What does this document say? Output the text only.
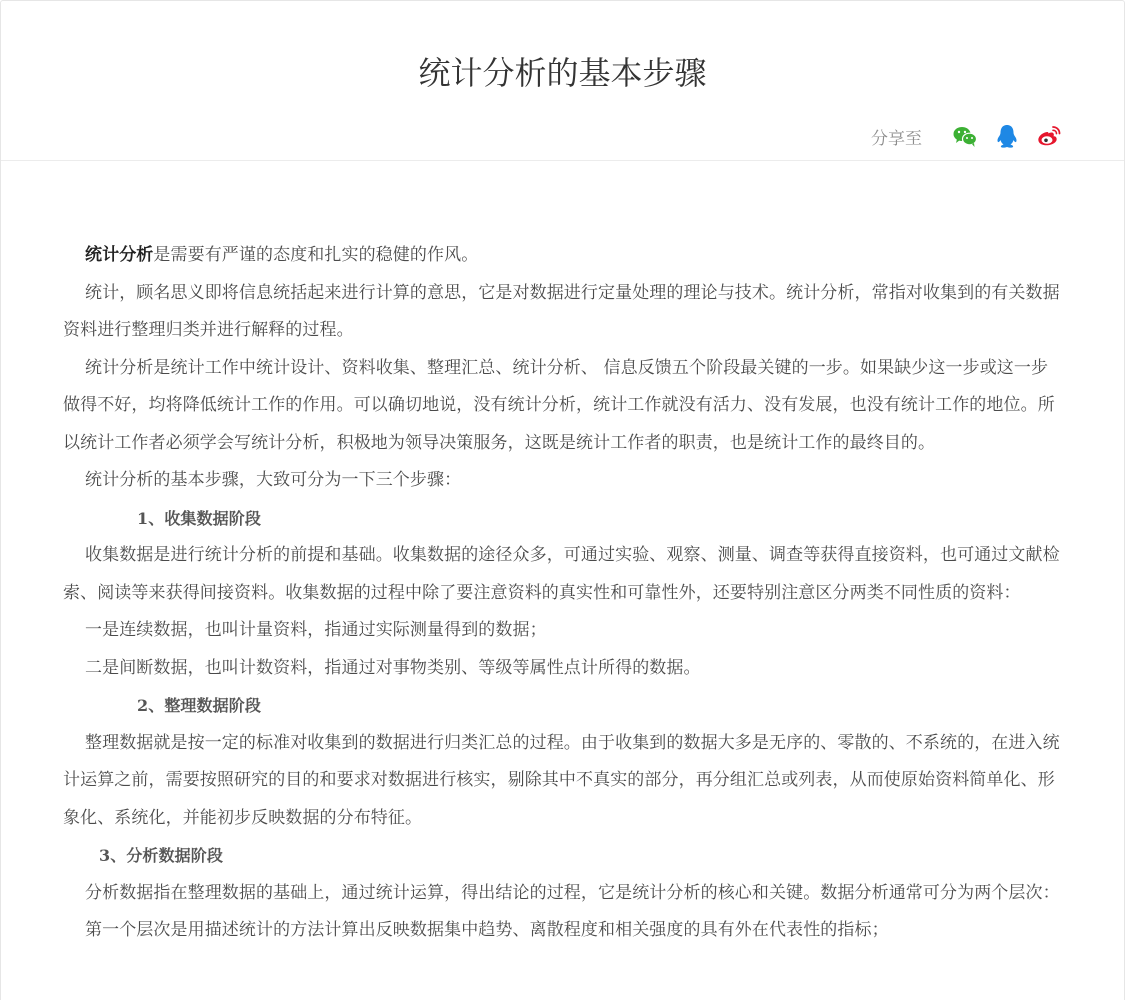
统计分析的基本步骤
分享至

统计分析是需要有严谨的态度和扎实的稳健的作风。

统计，顾名思义即将信息统括起来进行计算的意思，它是对数据进行定量处理的理论与技术。统计分析，常指对收集到的有关数据资料进行整理归类并进行解释的过程。

统计分析是统计工作中统计设计、资料收集、整理汇总、统计分析、 信息反馈五个阶段最关键的一步。如果缺少这一步或这一步做得不好，均将降低统计工作的作用。可以确切地说，没有统计分析，统计工作就没有活力、没有发展，也没有统计工作的地位。所以统计工作者必须学会写统计分析，积极地为领导决策服务，这既是统计工作者的职责，也是统计工作的最终目的。

统计分析的基本步骤，大致可分为一下三个步骤：

1、收集数据阶段

收集数据是进行统计分析的前提和基础。收集数据的途径众多，可通过实验、观察、测量、调查等获得直接资料，也可通过文献检索、阅读等来获得间接资料。收集数据的过程中除了要注意资料的真实性和可靠性外，还要特别注意区分两类不同性质的资料：

一是连续数据，也叫计量资料，指通过实际测量得到的数据；

二是间断数据，也叫计数资料，指通过对事物类别、等级等属性点计所得的数据。

2、整理数据阶段

整理数据就是按一定的标准对收集到的数据进行归类汇总的过程。由于收集到的数据大多是无序的、零散的、不系统的，在进入统计运算之前，需要按照研究的目的和要求对数据进行核实，剔除其中不真实的部分，再分组汇总或列表，从而使原始资料简单化、形象化、系统化，并能初步反映数据的分布特征。

3、分析数据阶段

分析数据指在整理数据的基础上，通过统计运算，得出结论的过程，它是统计分析的核心和关键。数据分析通常可分为两个层次：

第一个层次是用描述统计的方法计算出反映数据集中趋势、离散程度和相关强度的具有外在代表性的指标；
